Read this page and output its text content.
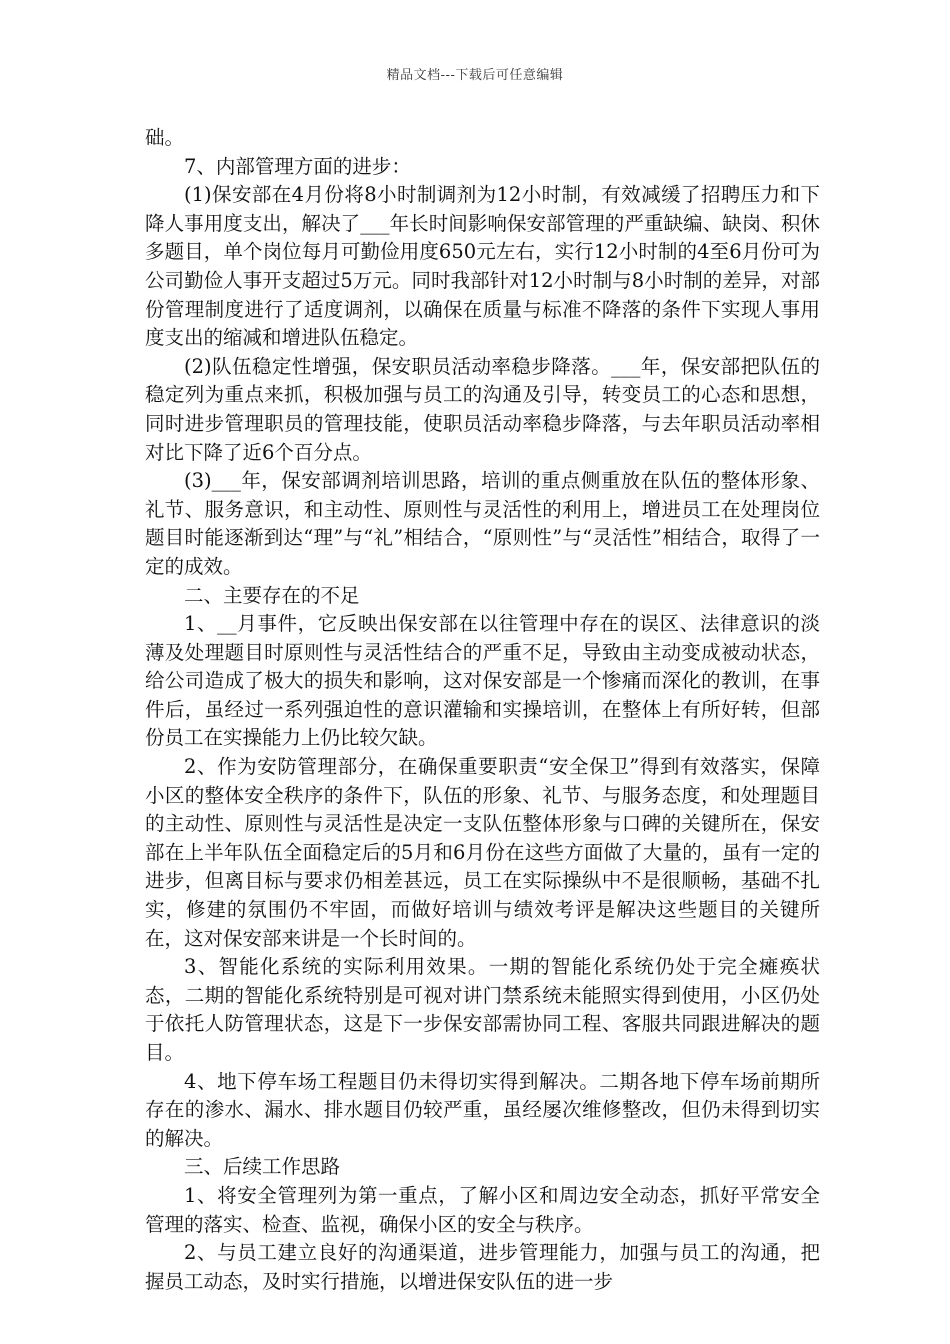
精品文档---下载后可任意编辑

础。

7、内部管理方面的进步：

(1)保安部在4月份将8小时制调剂为12小时制，有效减缓了招聘压力和下降人事用度支出，解决了___年长时间影响保安部管理的严重缺编、缺岗、积休多题目，单个岗位每月可勤俭用度650元左右，实行12小时制的4至6月份可为公司勤俭人事开支超过5万元。同时我部针对12小时制与8小时制的差异，对部份管理制度进行了适度调剂，以确保在质量与标准不降落的条件下实现人事用度支出的缩减和增进队伍稳定。

(2)队伍稳定性增强，保安职员活动率稳步降落。___年，保安部把队伍的稳定列为重点来抓，积极加强与员工的沟通及引导，转变员工的心态和思想，同时进步管理职员的管理技能，使职员活动率稳步降落，与去年职员活动率相对比下降了近6个百分点。

(3)___年，保安部调剂培训思路，培训的重点侧重放在队伍的整体形象、礼节、服务意识，和主动性、原则性与灵活性的利用上，增进员工在处理岗位题目时能逐渐到达“理”与“礼”相结合，“原则性”与“灵活性”相结合，取得了一定的成效。

二、主要存在的不足

1、__月事件，它反映出保安部在以往管理中存在的误区、法律意识的淡薄及处理题目时原则性与灵活性结合的严重不足，导致由主动变成被动状态，给公司造成了极大的损失和影响，这对保安部是一个惨痛而深化的教训，在事件后，虽经过一系列强迫性的意识灌输和实操培训，在整体上有所好转，但部份员工在实操能力上仍比较欠缺。

2、作为安防管理部分，在确保重要职责“安全保卫”得到有效落实，保障小区的整体安全秩序的条件下，队伍的形象、礼节、与服务态度，和处理题目的主动性、原则性与灵活性是决定一支队伍整体形象与口碑的关键所在，保安部在上半年队伍全面稳定后的5月和6月份在这些方面做了大量的，虽有一定的进步，但离目标与要求仍相差甚远，员工在实际操纵中不是很顺畅，基础不扎实，修建的氛围仍不牢固，而做好培训与绩效考评是解决这些题目的关键所在，这对保安部来讲是一个长时间的。

3、智能化系统的实际利用效果。一期的智能化系统仍处于完全瘫痪状态，二期的智能化系统特别是可视对讲门禁系统未能照实得到使用，小区仍处于依托人防管理状态，这是下一步保安部需协同工程、客服共同跟进解决的题目。

4、地下停车场工程题目仍未得切实得到解决。二期各地下停车场前期所存在的渗水、漏水、排水题目仍较严重，虽经屡次维修整改，但仍未得到切实的解决。

三、后续工作思路

1、将安全管理列为第一重点，了解小区和周边安全动态，抓好平常安全管理的落实、检查、监视，确保小区的安全与秩序。

2、与员工建立良好的沟通渠道，进步管理能力，加强与员工的沟通，把握员工动态，及时实行措施，以增进保安队伍的进一步
